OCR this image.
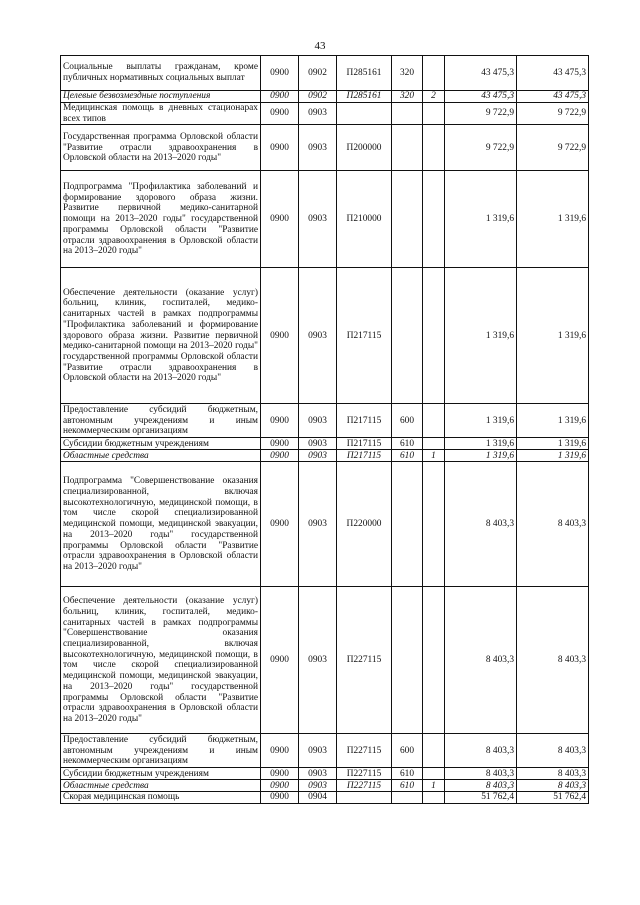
43
Социальные выплаты гражданам, кроме публичных нормативных социальных выплат	0900	0902	П285161	320		43 475,3	43 475,3
Целевые безвозмездные поступления	0900	0902	П285161	320	2	43 475,3	43 475,3
Медицинская помощь в дневных стационарах всех типов	0900	0903				9 722,9	9 722,9
Государственная программа Орловской области "Развитие отрасли здравоохранения в Орловской области на 2013–2020 годы"	0900	0903	П200000			9 722,9	9 722,9
Подпрограмма "Профилактика заболеваний и формирование здорового образа жизни. Развитие первичной медико-санитарной помощи на 2013–2020 годы" государственной программы Орловской области "Развитие отрасли здравоохранения в Орловской области на 2013–2020 годы"	0900	0903	П210000			1 319,6	1 319,6
Обеспечение деятельности (оказание услуг) больниц, клиник, госпиталей, медико-санитарных частей в рамках подпрограммы "Профилактика заболеваний и формирование здорового образа жизни. Развитие первичной медико-санитарной помощи на 2013–2020 годы" государственной программы Орловской области "Развитие отрасли здравоохранения в Орловской области на 2013–2020 годы"	0900	0903	П217115			1 319,6	1 319,6
Предоставление субсидий бюджетным, автономным учреждениям и иным некоммерческим организациям	0900	0903	П217115	600		1 319,6	1 319,6
Субсидии бюджетным учреждениям	0900	0903	П217115	610		1 319,6	1 319,6
Областные средства	0900	0903	П217115	610	1	1 319,6	1 319,6
Подпрограмма "Совершенствование оказания специализированной, включая высокотехнологичную, медицинской помощи, в том числе скорой специализированной медицинской помощи, медицинской эвакуации, на 2013–2020 годы" государственной программы Орловской области "Развитие отрасли здравоохранения в Орловской области на 2013–2020 годы"	0900	0903	П220000			8 403,3	8 403,3
Обеспечение деятельности (оказание услуг) больниц, клиник, госпиталей, медико-санитарных частей в рамках подпрограммы "Совершенствование оказания специализированной, включая высокотехнологичную, медицинской помощи, в том числе скорой специализированной медицинской помощи, медицинской эвакуации, на 2013–2020 годы" государственной программы Орловской области "Развитие отрасли здравоохранения в Орловской области на 2013–2020 годы"	0900	0903	П227115			8 403,3	8 403,3
Предоставление субсидий бюджетным, автономным учреждениям и иным некоммерческим организациям	0900	0903	П227115	600		8 403,3	8 403,3
Субсидии бюджетным учреждениям	0900	0903	П227115	610		8 403,3	8 403,3
Областные средства	0900	0903	П227115	610	1	8 403,3	8 403,3
Скорая медицинская помощь	0900	0904				51 762,4	51 762,4
